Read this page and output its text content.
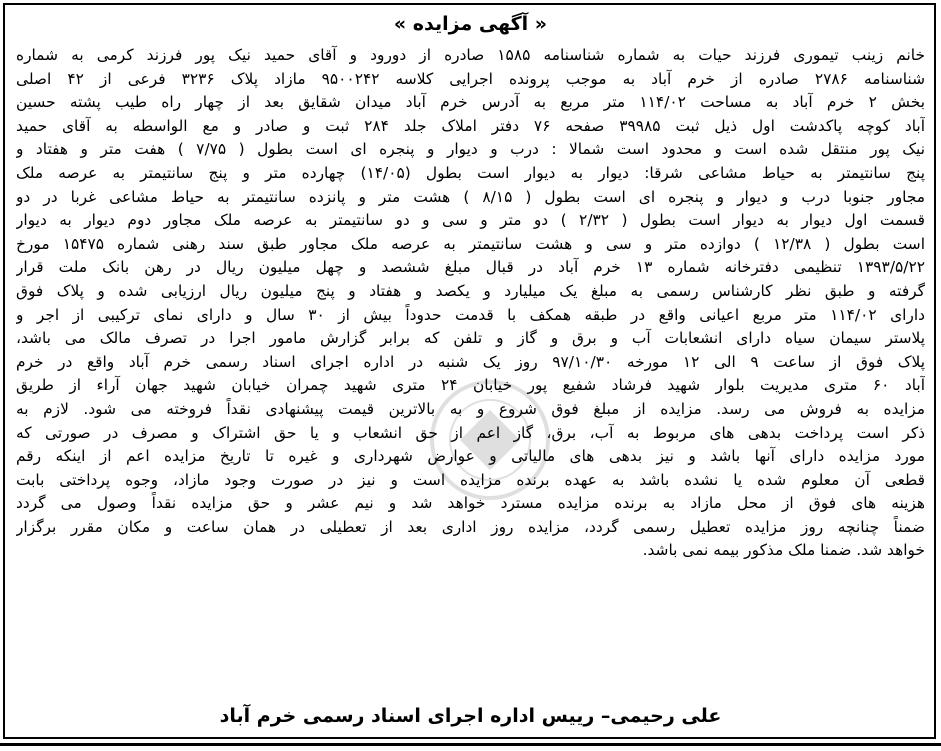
« آگهی مزایده »
خانم زینب تیموری فرزند حیات به شماره شناسنامه ۱۵۸۵ صادره از دورود و آقای حمید نیک پور فرزند کرمی به شماره
شناسنامه ۲۷۸۶ صادره از خرم آباد به موجب پرونده اجرایی کلاسه ۹۵۰۰۲۴۲ مازاد پلاک ۳۲۳۶ فرعی از ۴۲ اصلی
بخش ۲ خرم آباد به مساحت ۱۱۴/۰۲ متر مربع به آدرس خرم آباد میدان شقایق بعد از چهار راه طیب پشته حسین
آباد کوچه پاکدشت اول ذیل ثبت ۳۹۹۸۵ صفحه ۷۶ دفتر املاک جلد ۲۸۴ ثبت و صادر و مع الواسطه به آقای حمید
نیک پور منتقل شده است و محدود است شمالا : درب و دیوار و پنجره ای است بطول ( ۷/۷۵ ) هفت متر و هفتاد و
پنج سانتیمتر به حیاط مشاعی شرقا: دیوار به دیوار است بطول (۱۴/۰۵) چهارده متر و پنج سانتیمتر به عرصه ملک
مجاور جنوبا درب و دیوار و پنجره ای است بطول ( ۸/۱۵ ) هشت متر و پانزده سانتیمتر به حیاط مشاعی غربا در دو
قسمت اول دیوار به دیوار است بطول ( ۲/۳۲ ) دو متر و سی و دو سانتیمتر به عرصه ملک مجاور دوم دیوار به دیوار
است بطول ( ۱۲/۳۸ ) دوازده متر و سی و هشت سانتیمتر به عرصه ملک مجاور طبق سند رهنی شماره ۱۵۴۷۵ مورخ
۱۳۹۳/۵/۲۲ تنظیمی دفترخانه شماره ۱۳ خرم آباد در قبال مبلغ ششصد و چهل میلیون ریال در رهن بانک ملت قرار
گرفته و طبق نظر کارشناس رسمی به مبلغ یک میلیارد و یکصد و هفتاد و پنج میلیون ریال ارزیابی شده و پلاک فوق
دارای ۱۱۴/۰۲ متر مربع اعیانی واقع در طبقه همکف با قدمت حدوداً بیش از ۳۰ سال و دارای نمای ترکیبی از اجر و
پلاستر سیمان سیاه دارای انشعابات آب و برق و گاز و تلفن که برابر گزارش مامور اجرا در تصرف مالک می باشد،
پلاک فوق از ساعت ۹ الی ۱۲ مورخه ۹۷/۱۰/۳۰ روز یک شنبه در اداره اجرای اسناد رسمی خرم آباد واقع در خرم
آباد ۶۰ متری مدیریت بلوار شهید فرشاد شفیع پور خیابان ۲۴ متری شهید چمران خیابان شهید جهان آراء از طریق
مزایده به فروش می رسد. مزایده از مبلغ فوق شروع و به بالاترین قیمت پیشنهادی نقداً فروخته می شود. لازم به
ذکر است پرداخت بدهی های مربوط به آب، برق، گاز اعم از حق انشعاب و یا حق اشتراک و مصرف در صورتی که
مورد مزایده دارای آنها باشد و نیز بدهی های مالیاتی و عوارض شهرداری و غیره تا تاریخ مزایده اعم از اینکه رقم
قطعی آن معلوم شده یا نشده باشد به عهده برنده مزایده است و نیز در صورت وجود مازاد، وجوه پرداختی بابت
هزینه های فوق از محل مازاد به برنده مزایده مسترد خواهد شد و نیم عشر و حق مزایده نقداً وصول می گردد
ضمناً چنانچه روز مزایده تعطیل رسمی گردد، مزایده روز اداری بعد از تعطیلی در همان ساعت و مکان مقرر برگزار
خواهد شد. ضمنا ملک مذکور بیمه نمی باشد.
علی رحیمی– رییس اداره اجرای اسناد رسمی خرم آباد
